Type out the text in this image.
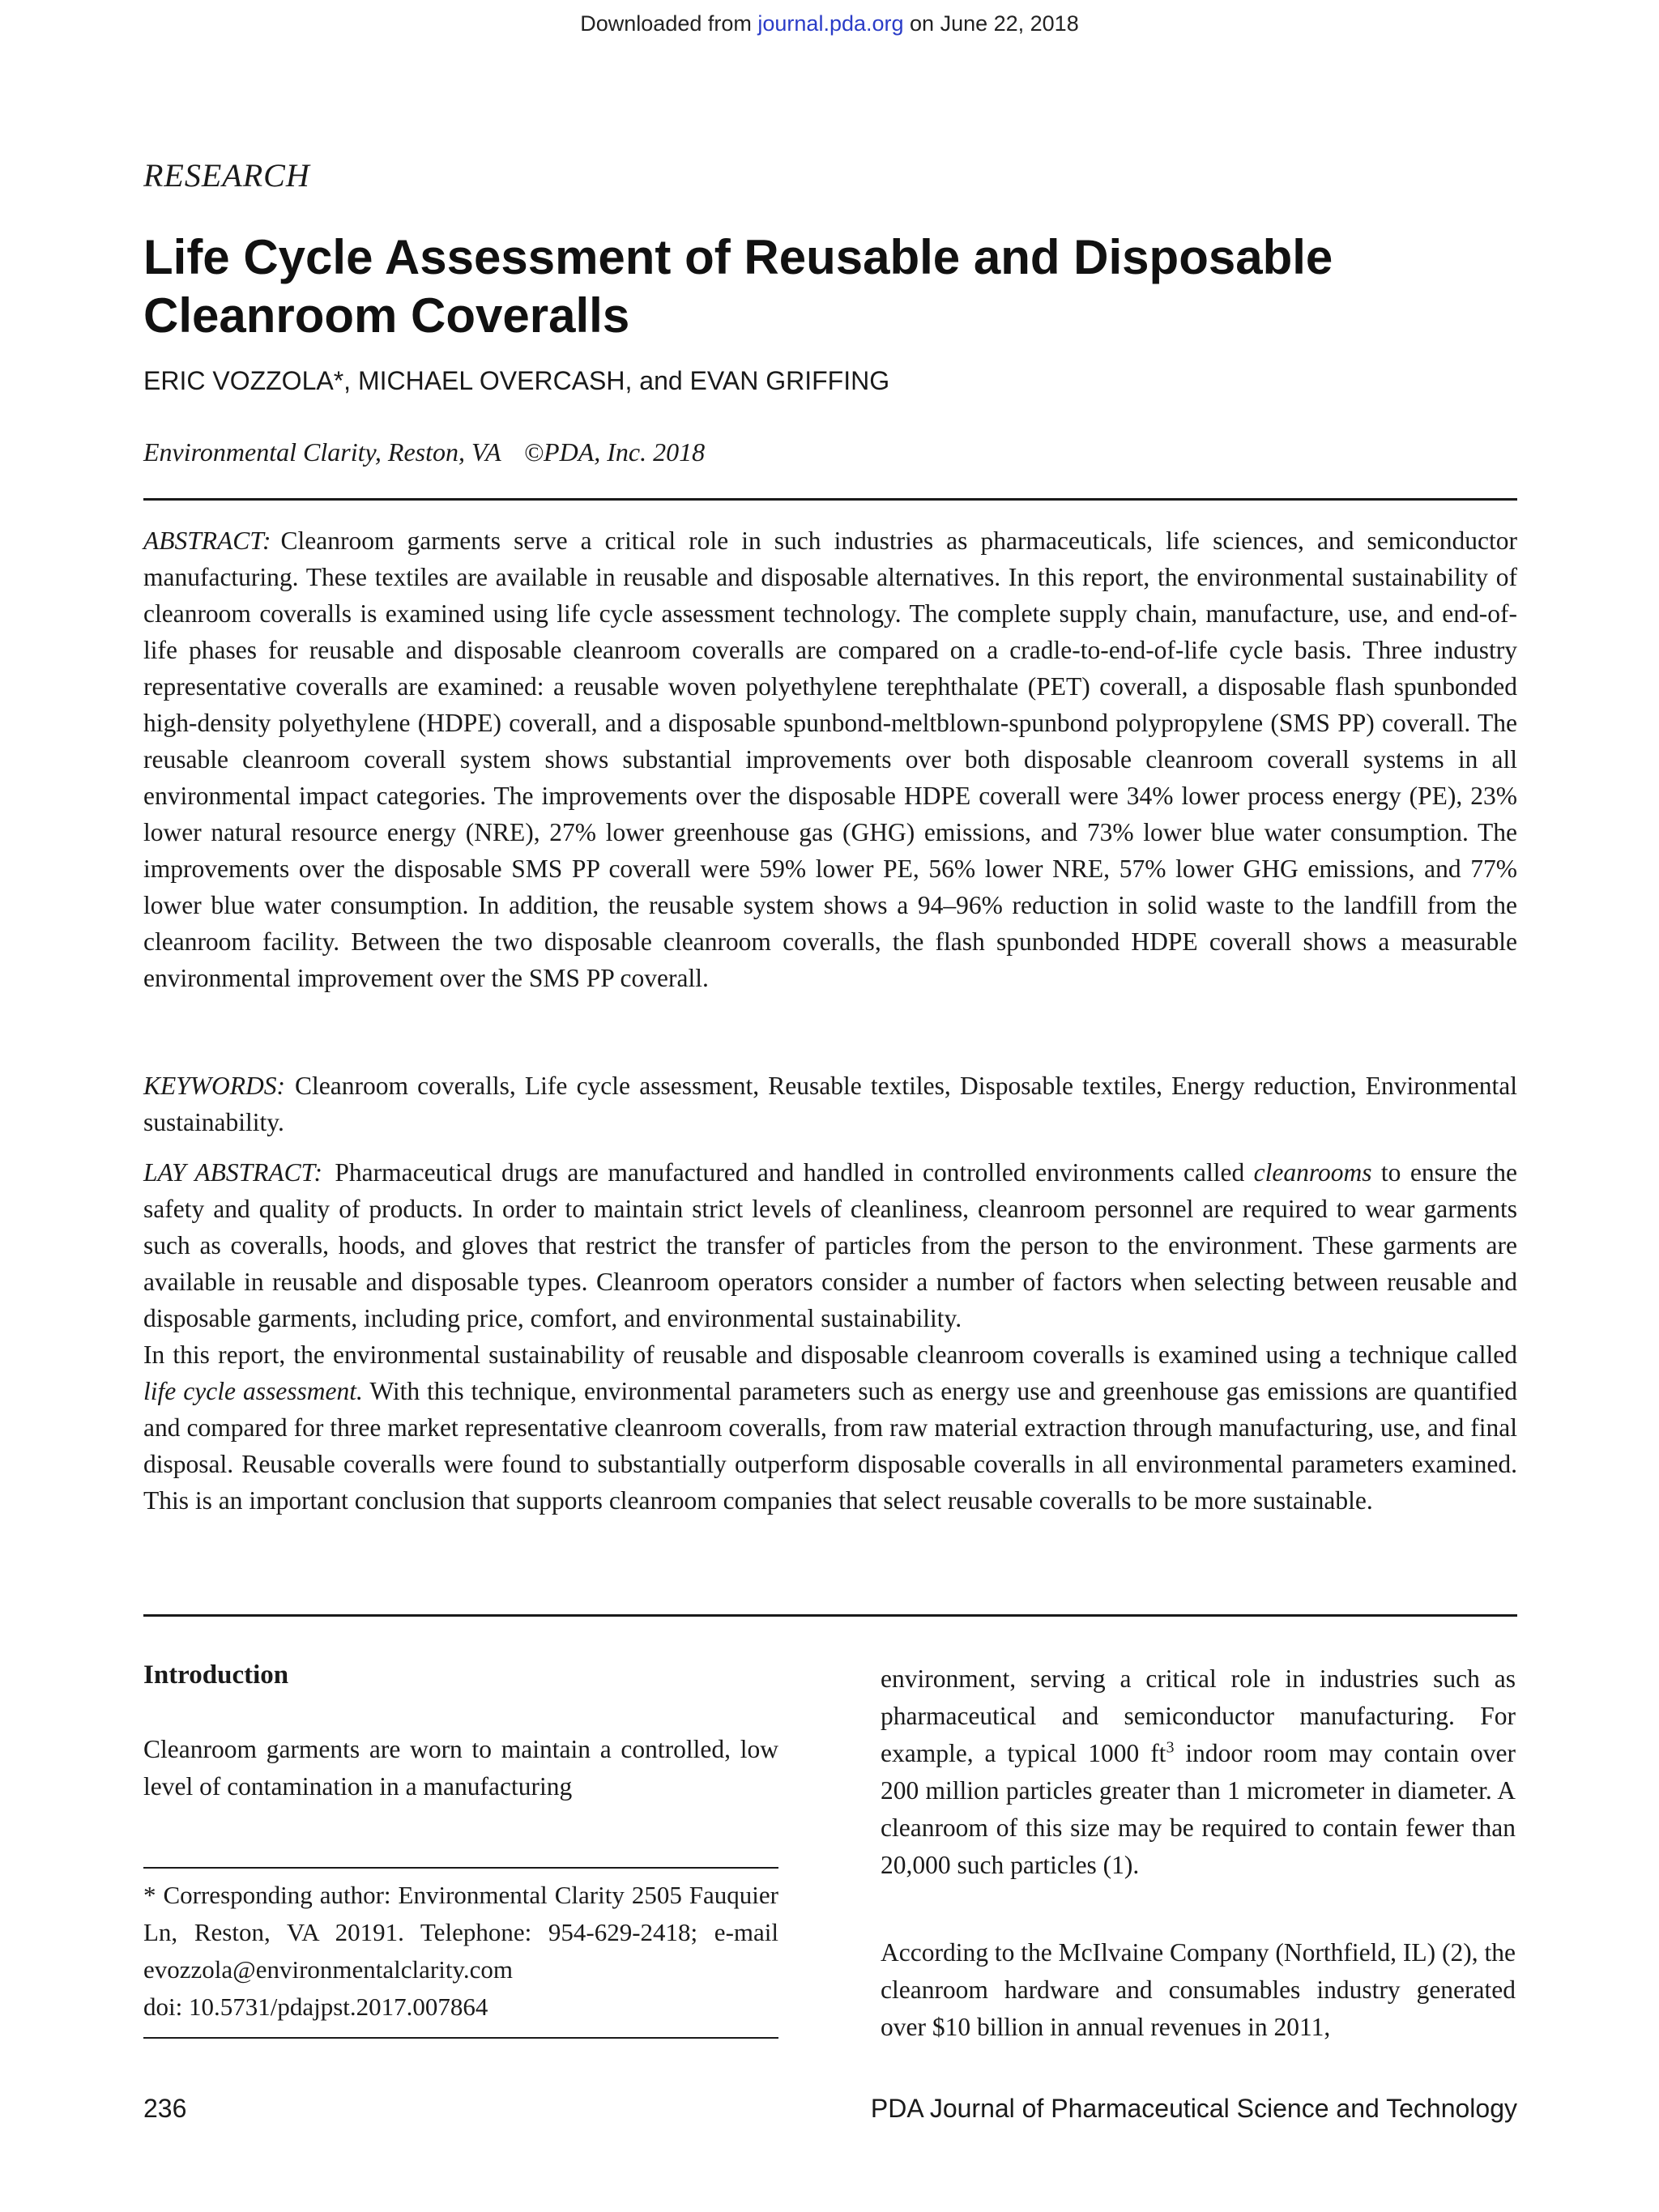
Downloaded from journal.pda.org on June 22, 2018
RESEARCH
Life Cycle Assessment of Reusable and Disposable Cleanroom Coveralls
ERIC VOZZOLA*, MICHAEL OVERCASH, and EVAN GRIFFING
Environmental Clarity, Reston, VA ©PDA, Inc. 2018
ABSTRACT: Cleanroom garments serve a critical role in such industries as pharmaceuticals, life sciences, and semiconductor manufacturing. These textiles are available in reusable and disposable alternatives. In this report, the environmental sustainability of cleanroom coveralls is examined using life cycle assessment technology. The complete supply chain, manufacture, use, and end-of-life phases for reusable and disposable cleanroom coveralls are compared on a cradle-to-end-of-life cycle basis. Three industry representative coveralls are examined: a reusable woven polyethylene terephthalate (PET) coverall, a disposable flash spunbonded high-density polyethylene (HDPE) coverall, and a disposable spunbond-meltblown-spunbond polypropylene (SMS PP) coverall. The reusable cleanroom coverall system shows substantial improvements over both disposable cleanroom coverall systems in all environmental impact categories. The improvements over the disposable HDPE coverall were 34% lower process energy (PE), 23% lower natural resource energy (NRE), 27% lower greenhouse gas (GHG) emissions, and 73% lower blue water consumption. The improvements over the disposable SMS PP coverall were 59% lower PE, 56% lower NRE, 57% lower GHG emissions, and 77% lower blue water consumption. In addition, the reusable system shows a 94–96% reduction in solid waste to the landfill from the cleanroom facility. Between the two disposable cleanroom coveralls, the flash spunbonded HDPE coverall shows a measurable environmental improvement over the SMS PP coverall.
KEYWORDS: Cleanroom coveralls, Life cycle assessment, Reusable textiles, Disposable textiles, Energy reduction, Environmental sustainability.
LAY ABSTRACT: Pharmaceutical drugs are manufactured and handled in controlled environments called cleanrooms to ensure the safety and quality of products. In order to maintain strict levels of cleanliness, cleanroom personnel are required to wear garments such as coveralls, hoods, and gloves that restrict the transfer of particles from the person to the environment. These garments are available in reusable and disposable types. Cleanroom operators consider a number of factors when selecting between reusable and disposable garments, including price, comfort, and environmental sustainability.
In this report, the environmental sustainability of reusable and disposable cleanroom coveralls is examined using a technique called life cycle assessment. With this technique, environmental parameters such as energy use and greenhouse gas emissions are quantified and compared for three market representative cleanroom coveralls, from raw material extraction through manufacturing, use, and final disposal. Reusable coveralls were found to substantially outperform disposable coveralls in all environmental parameters examined. This is an important conclusion that supports cleanroom companies that select reusable coveralls to be more sustainable.
Introduction
Cleanroom garments are worn to maintain a controlled, low level of contamination in a manufacturing
* Corresponding author: Environmental Clarity 2505 Fauquier Ln, Reston, VA 20191. Telephone: 954-629-2418; e-mail evozzola@environmentalclarity.com
doi: 10.5731/pdajpst.2017.007864
environment, serving a critical role in industries such as pharmaceutical and semiconductor manufacturing. For example, a typical 1000 $ft^3$ indoor room may contain over 200 million particles greater than 1 micrometer in diameter. A cleanroom of this size may be required to contain fewer than 20,000 such particles (1).
According to the McIlvaine Company (Northfield, IL) (2), the cleanroom hardware and consumables industry generated over $10 billion in annual revenues in 2011,
236	PDA Journal of Pharmaceutical Science and Technology
